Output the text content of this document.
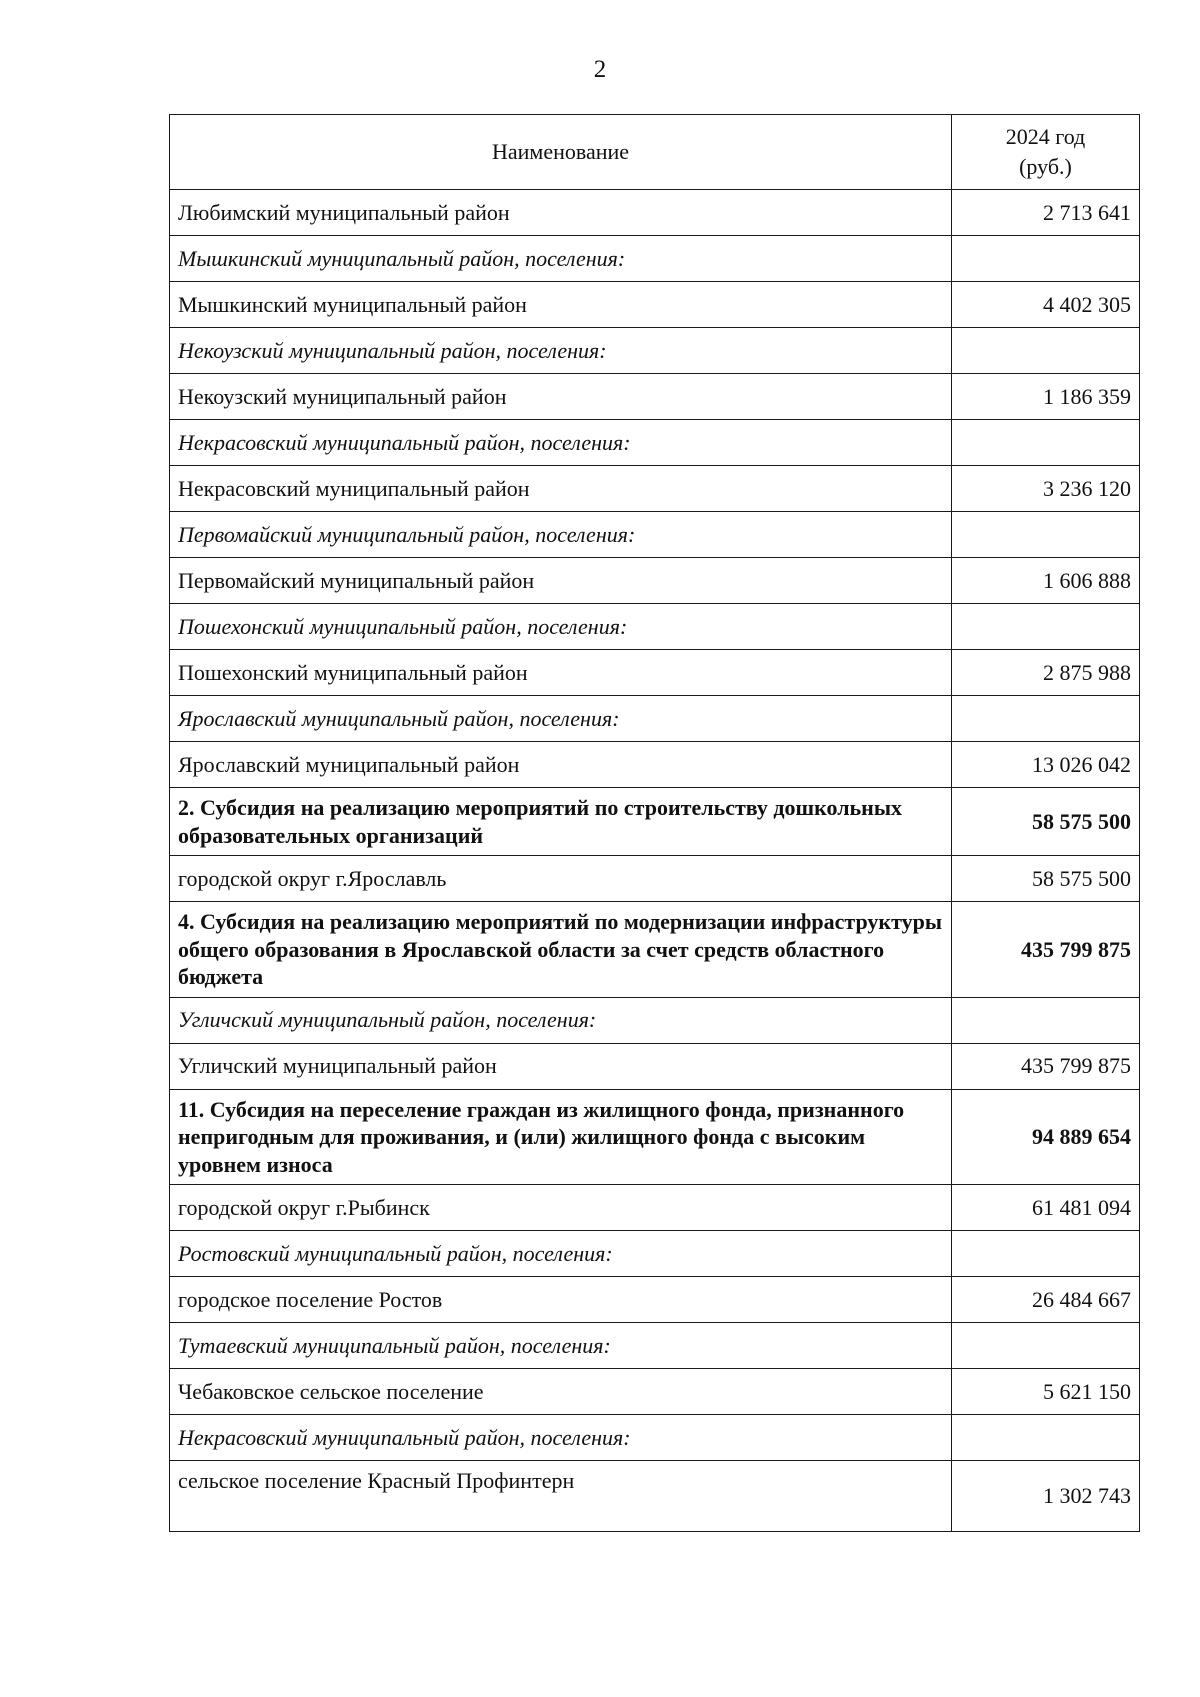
2
Наименование	2024 год
(руб.)
Любимский муниципальный район	2 713 641
Мышкинский муниципальный район, поселения:	
Мышкинский муниципальный район	4 402 305
Некоузский муниципальный район, поселения:	
Некоузский муниципальный район	1 186 359
Некрасовский муниципальный район, поселения:	
Некрасовский муниципальный район	3 236 120
Первомайский муниципальный район, поселения:	
Первомайский муниципальный район	1 606 888
Пошехонский муниципальный район, поселения:	
Пошехонский муниципальный район	2 875 988
Ярославский муниципальный район, поселения:	
Ярославский муниципальный район	13 026 042
2. Субсидия на реализацию мероприятий по строительству дошкольных образовательных организаций	58 575 500
городской округ г.Ярославль	58 575 500
4. Субсидия на реализацию мероприятий по модернизации инфраструктуры общего образования в Ярославской области за счет средств областного бюджета	435 799 875
Угличский муниципальный район, поселения:	
Угличский муниципальный район	435 799 875
11. Субсидия на переселение граждан из жилищного фонда, признанного непригодным для проживания, и (или) жилищного фонда с высоким уровнем износа	94 889 654
городской округ г.Рыбинск	61 481 094
Ростовский муниципальный район, поселения:	
городское поселение Ростов	26 484 667
Тутаевский муниципальный район, поселения:	
Чебаковское сельское поселение	5 621 150
Некрасовский муниципальный район, поселения:	
сельское поселение Красный Профинтерн	1 302 743
